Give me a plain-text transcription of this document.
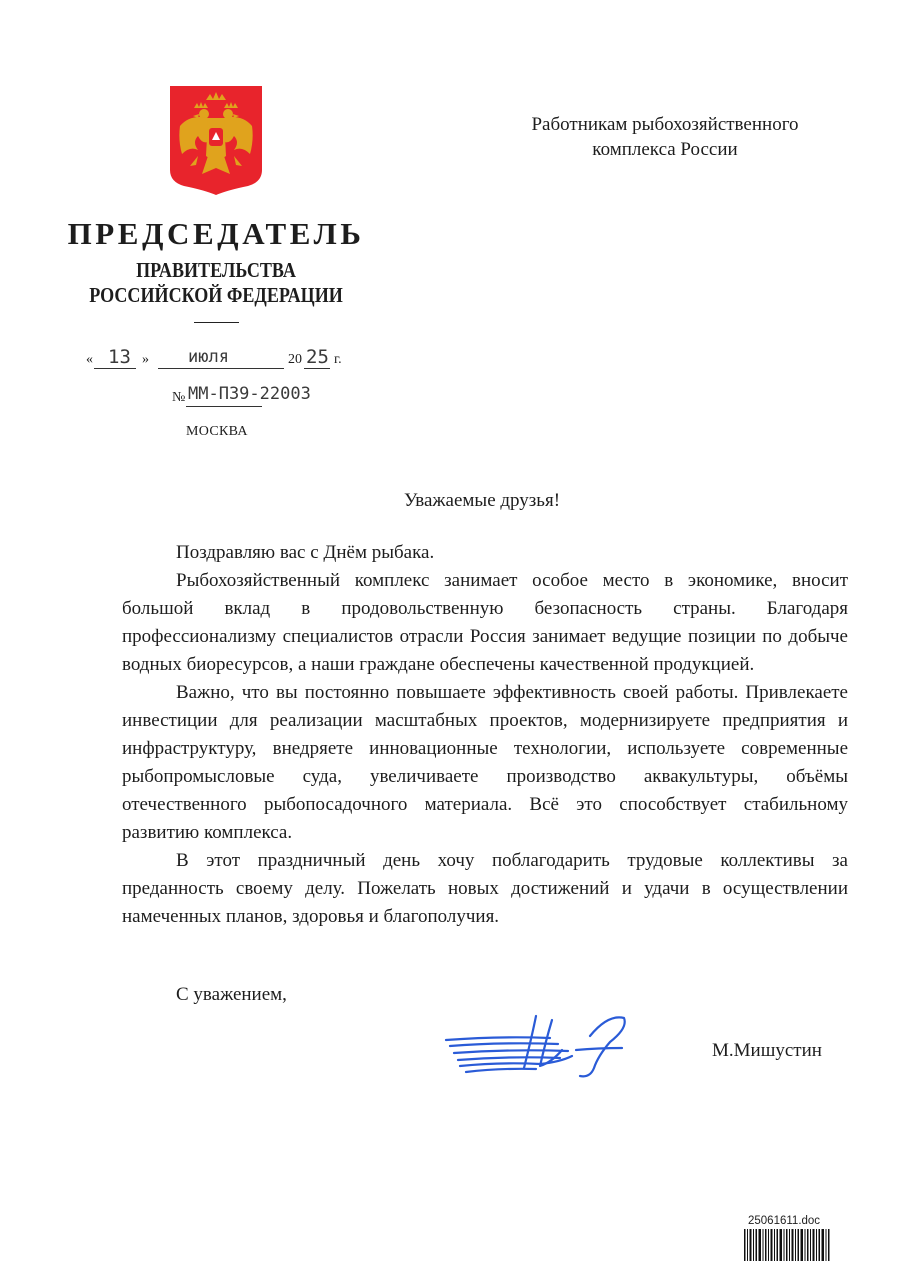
ПРЕДСЕДАТЕЛЬ
ПРАВИТЕЛЬСТВА
РОССИЙСКОЙ ФЕДЕРАЦИИ
« 13 » июля	20 25 г.
№ ММ-П39-22003
МОСКВА
Работникам рыбохозяйственного
комплекса России
Уважаемые друзья!

Поздравляю вас с Днём рыбака.

Рыбохозяйственный комплекс занимает особое место в экономике, вносит большой вклад в продовольственную безопасность страны. Благодаря профессионализму специалистов отрасли Россия занимает ведущие позиции по добыче водных биоресурсов, а наши граждане обеспечены качественной продукцией.

Важно, что вы постоянно повышаете эффективность своей работы. Привлекаете инвестиции для реализации масштабных проектов, модернизируете предприятия и инфраструктуру, внедряете инновационные технологии, используете современные рыбопромысловые суда, увеличиваете производство аквакультуры, объёмы отечественного рыбопосадочного материала. Всё это способствует стабильному развитию комплекса.

В этот праздничный день хочу поблагодарить трудовые коллективы за преданность своему делу. Пожелать новых достижений и удачи в осуществлении намеченных планов, здоровья и благополучия.

С уважением,
М.Мишустин
25061611.doc
